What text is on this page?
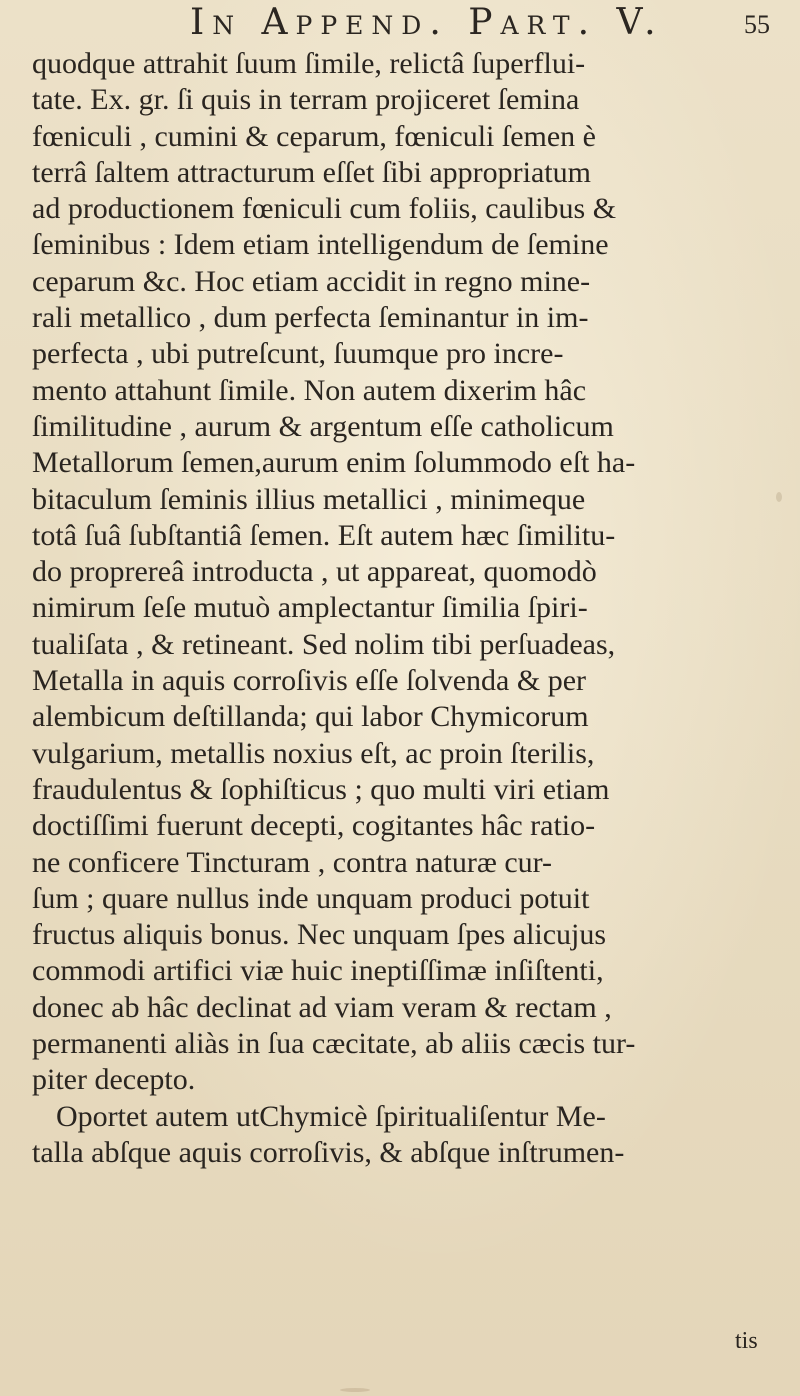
In Append. Part. V.	55
quodque attrahit ſuum ſimile, relictâ ſuperflui-
tate. Ex. gr. ſi quis in terram projiceret ſemina
fœniculi , cumini & ceparum, fœniculi ſemen è
terrâ ſaltem attracturum eſſet ſibi appropriatum
ad productionem fœniculi cum foliis, caulibus &
ſeminibus : Idem etiam intelligendum de ſemine
ceparum &c. Hoc etiam accidit in regno mine-
rali metallico , dum perfecta ſeminantur in im-
perfecta , ubi putreſcunt, ſuumque pro incre-
mento attahunt ſimile. Non autem dixerim hâc
ſimilitudine , aurum & argentum eſſe catholicum
Metallorum ſemen,aurum enim ſolummodo eſt ha-
bitaculum ſeminis illius metallici , minimeque
totâ ſuâ ſubſtantiâ ſemen. Eſt autem hæc ſimilitu-
do proprereâ introducta , ut appareat, quomodò
nimirum ſeſe mutuò amplectantur ſimilia ſpiri-
tualiſata , & retineant. Sed nolim tibi perſuadeas,
Metalla in aquis corroſivis eſſe ſolvenda & per
alembicum deſtillanda; qui labor Chymicorum
vulgarium, metallis noxius eſt, ac proin ſterilis,
fraudulentus & ſophiſticus ; quo multi viri etiam
doctiſſimi fuerunt decepti, cogitantes hâc ratio-
ne conficere Tincturam , contra naturæ cur-
ſum ; quare nullus inde unquam produci potuit
fructus aliquis bonus. Nec unquam ſpes alicujus
commodi artifici viæ huic ineptiſſimæ inſiſtenti,
donec ab hâc declinat ad viam veram & rectam ,
permanenti aliàs in ſua cæcitate, ab aliis cæcis tur-
piter decepto.
Oportet autem utChymicè ſpiritualiſentur Me-
talla abſque aquis corroſivis, & abſque inſtrumen-
tis
